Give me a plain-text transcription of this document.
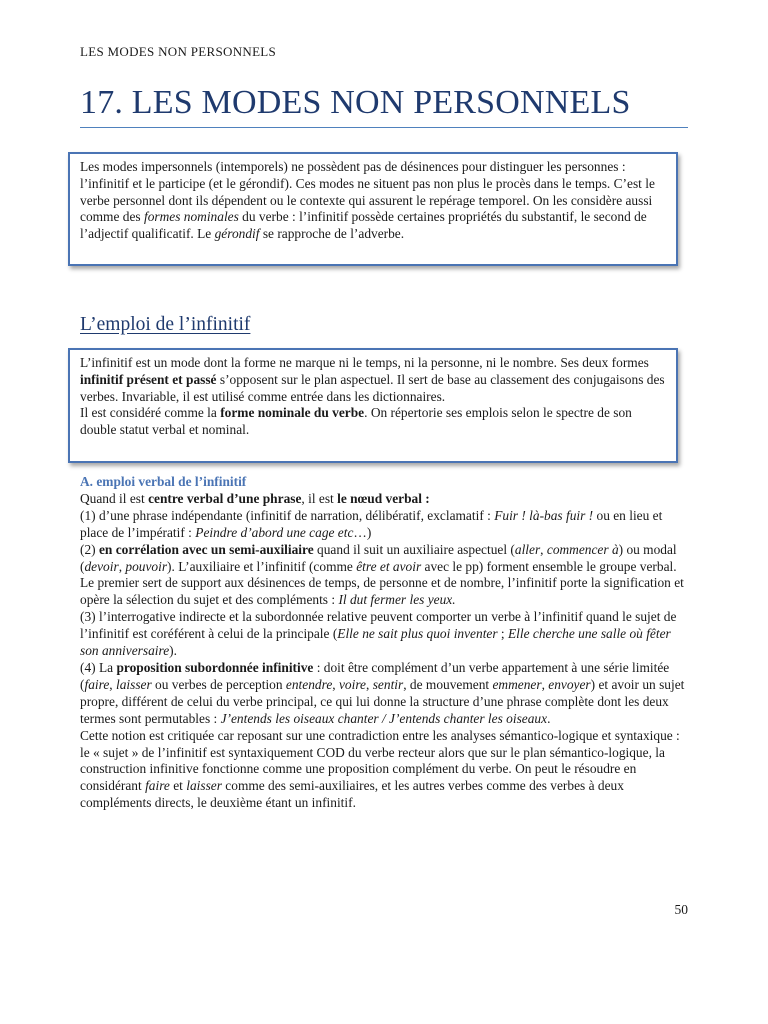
LES MODES NON PERSONNELS
17. LES MODES NON PERSONNELS

Les modes impersonnels (intemporels) ne possèdent pas de désinences pour distinguer les personnes : l’infinitif et le participe (et le gérondif). Ces modes ne situent pas non plus le procès dans le temps. C’est le verbe personnel dont ils dépendent ou le contexte qui assurent le repérage temporel. On les considère aussi comme des formes nominales du verbe : l’infinitif possède certaines propriétés du substantif, le second de l’adjectif qualificatif. Le gérondif se rapproche de l’adverbe.

L’emploi de l’infinitif

L’infinitif est un mode dont la forme ne marque ni le temps, ni la personne, ni le nombre. Ses deux formes infinitif présent et passé s’opposent sur le plan aspectuel. Il sert de base au classement des conjugaisons des verbes. Invariable, il est utilisé comme entrée dans les dictionnaires.

Il est considéré comme la forme nominale du verbe. On répertorie ses emplois selon le spectre de son double statut verbal et nominal.

A. emploi verbal de l’infinitif

Quand il est centre verbal d’une phrase, il est le nœud verbal :

(1) d’une phrase indépendante (infinitif de narration, délibératif, exclamatif : Fuir ! là-bas fuir ! ou en lieu et place de l’impératif : Peindre d’abord une cage etc…)

(2) en corrélation avec un semi-auxiliaire quand il suit un auxiliaire aspectuel (aller, commencer à) ou modal (devoir, pouvoir). L’auxiliaire et l’infinitif (comme être et avoir avec le pp) forment ensemble le groupe verbal. Le premier sert de support aux désinences de temps, de personne et de nombre, l’infinitif porte la signification et opère la sélection du sujet et des compléments : Il dut fermer les yeux.

(3) l’interrogative indirecte et la subordonnée relative peuvent comporter un verbe à l’infinitif quand le sujet de l’infinitif est coréférent à celui de la principale (Elle ne sait plus quoi inventer ; Elle cherche une salle où fêter son anniversaire).

(4) La proposition subordonnée infinitive : doit être complément d’un verbe appartement à une série limitée (faire, laisser ou verbes de perception entendre, voire, sentir, de mouvement emmener, envoyer) et avoir un sujet propre, différent de celui du verbe principal, ce qui lui donne la structure d’une phrase complète dont les deux termes sont permutables : J’entends les oiseaux chanter / J’entends chanter les oiseaux.

Cette notion est critiquée car reposant sur une contradiction entre les analyses sémantico-logique et syntaxique : le « sujet » de l’infinitif est syntaxiquement COD du verbe recteur alors que sur le plan sémantico-logique, la construction infinitive fonctionne comme une proposition complément du verbe. On peut le résoudre en considérant faire et laisser comme des semi-auxiliaires, et les autres verbes comme des verbes à deux compléments directs, le deuxième étant un infinitif.

50
